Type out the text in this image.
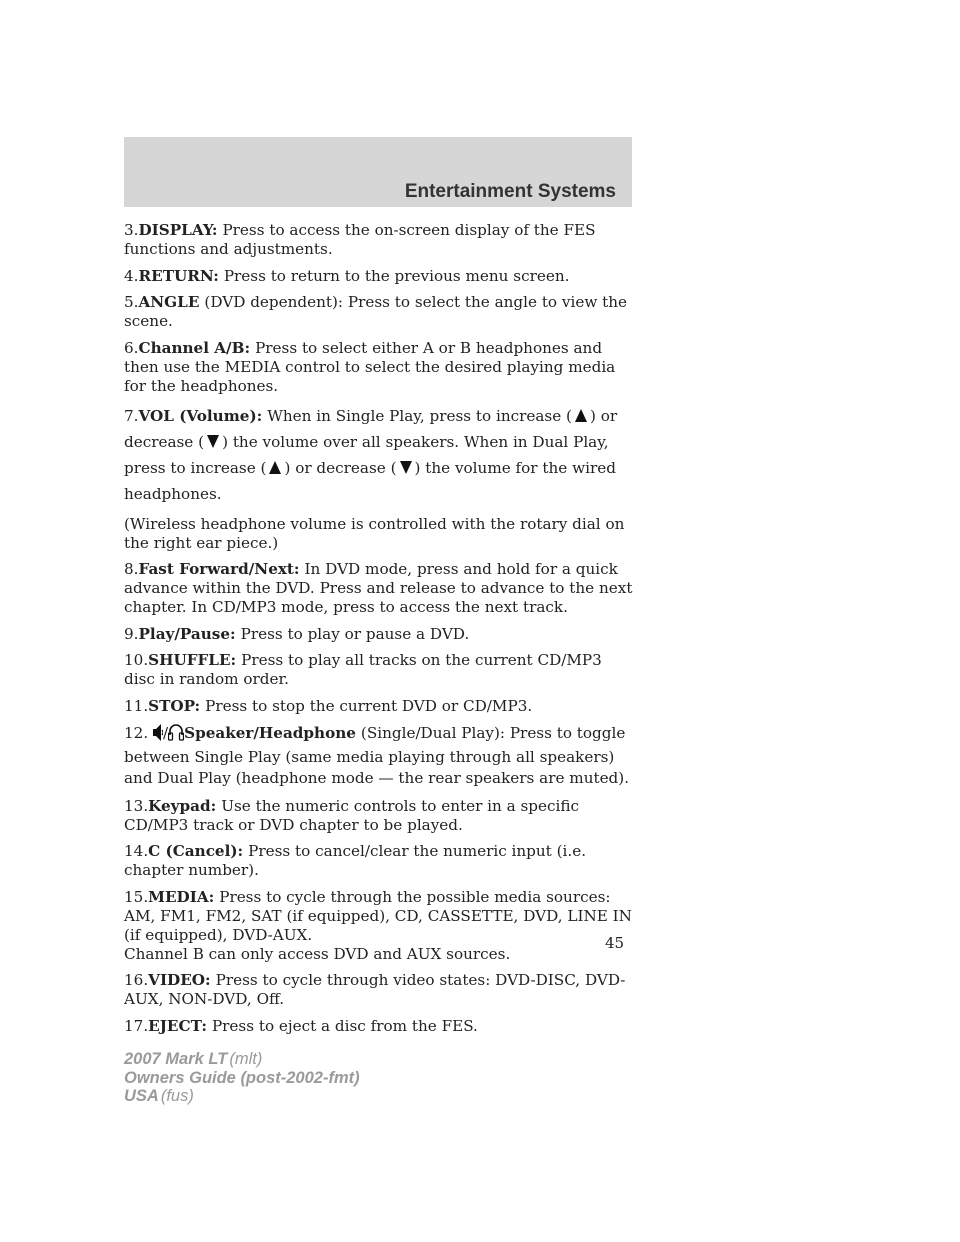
Entertainment Systems
3.DISPLAY: Press to access the on-screen display of the FES functions and adjustments.
4.RETURN: Press to return to the previous menu screen.
5.ANGLE (DVD dependent): Press to select the angle to view the scene.
6.Channel A/B: Press to select either A or B headphones and then use the MEDIA control to select the desired playing media for the headphones.
7.VOL (Volume): When in Single Play, press to increase ( ) or decrease ( ) the volume over all speakers. When in Dual Play, press to increase ( ) or decrease ( ) the volume for the wired headphones.
(Wireless headphone volume is controlled with the rotary dial on the right ear piece.)
8.Fast Forward/Next: In DVD mode, press and hold for a quick advance within the DVD. Press and release to advance to the next chapter. In CD/MP3 mode, press to access the next track.
9.Play/Pause: Press to play or pause a DVD.
10.SHUFFLE: Press to play all tracks on the current CD/MP3 disc in random order.
11.STOP: Press to stop the current DVD or CD/MP3.
12. / Speaker/Headphone (Single/Dual Play): Press to toggle between Single Play (same media playing through all speakers) and Dual Play (headphone mode — the rear speakers are muted).
13.Keypad: Use the numeric controls to enter in a specific CD/MP3 track or DVD chapter to be played.
14.C (Cancel): Press to cancel/clear the numeric input (i.e. chapter number).
15.MEDIA: Press to cycle through the possible media sources: AM, FM1, FM2, SAT (if equipped), CD, CASSETTE, DVD, LINE IN (if equipped), DVD-AUX.
Channel B can only access DVD and AUX sources.
16.VIDEO: Press to cycle through video states: DVD-DISC, DVD-AUX, NON-DVD, Off.
17.EJECT: Press to eject a disc from the FES.
45
2007 Mark LT (mlt)
Owners Guide (post-2002-fmt)
USA (fus)
